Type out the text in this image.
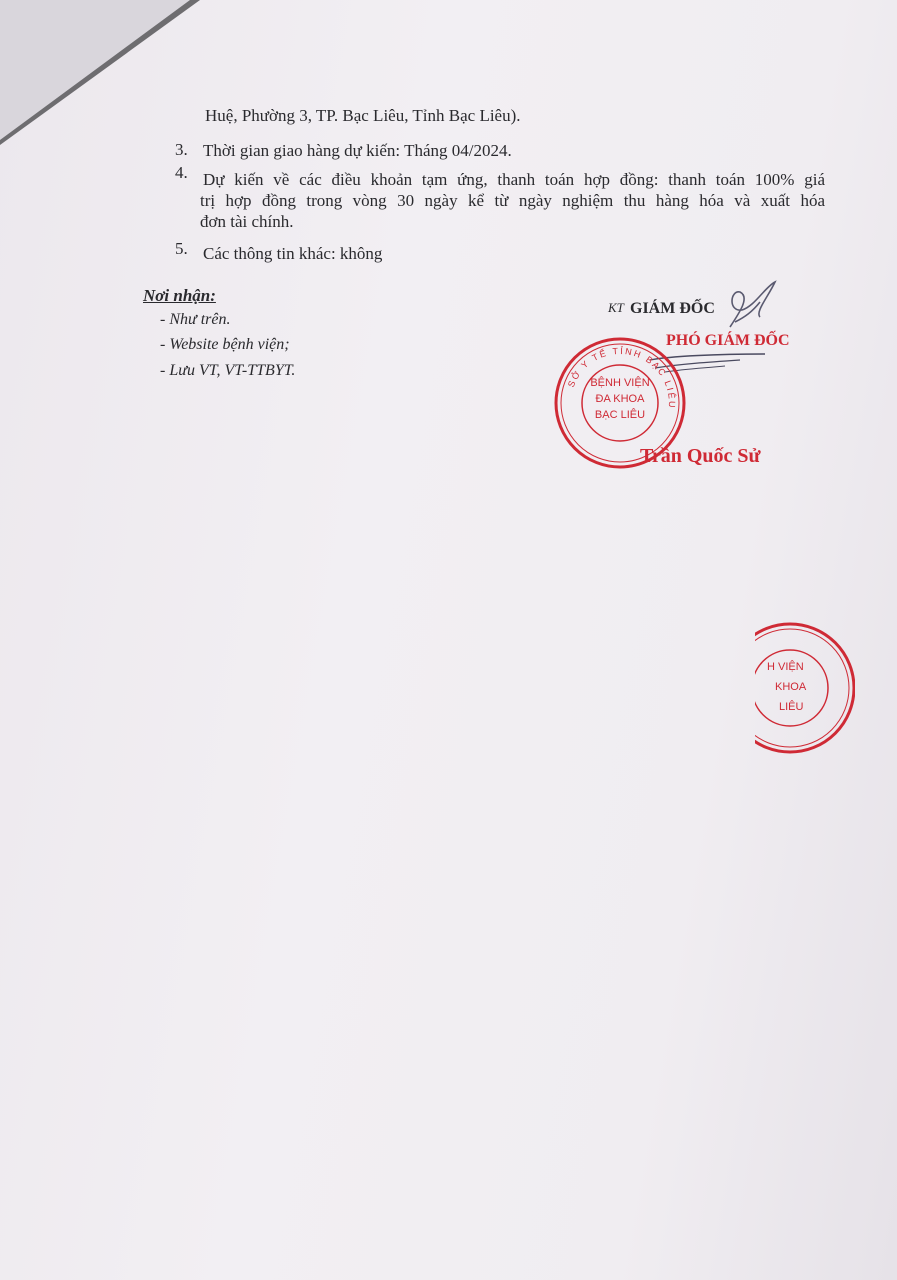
Huệ, Phường 3, TP. Bạc Liêu, Tỉnh Bạc Liêu).
3. Thời gian giao hàng dự kiến: Tháng 04/2024.
4. Dự kiến về các điều khoản tạm ứng, thanh toán hợp đồng: thanh toán 100% giá
trị hợp đồng trong vòng 30 ngày kể từ ngày nghiệm thu hàng hóa và xuất hóa
đơn tài chính.
5. Các thông tin khác: không
Nơi nhận:
- Như trên.
- Website bệnh viện;
- Lưu VT, VT-TTBYT.
KT GIÁM ĐỐC
PHÓ GIÁM ĐỐC
SỞ Y TẾ TỈNH BẠC LIÊU
BỆNH VIỆN
ĐA KHOA
BẠC LIÊU
Trần Quốc Sử
H VIỆN
KHOA
LIÊU
